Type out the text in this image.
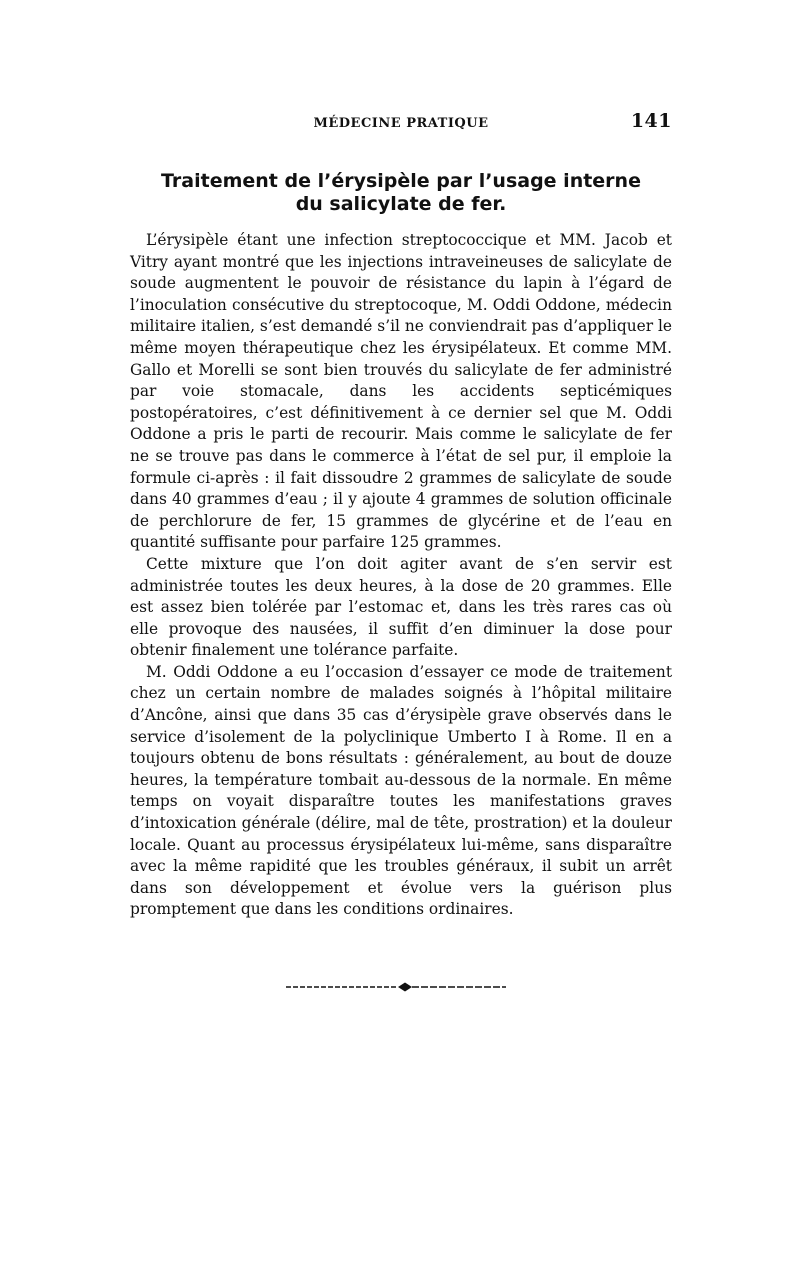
MÉDECINE PRATIQUE	141
Traitement de l’érysipèle par l’usage interne
du salicylate de fer.

L’érysipèle étant une infection streptococcique et MM. Jacob et Vitry ayant montré que les injections intraveineuses de salicylate de soude augmentent le pouvoir de résistance du lapin à l’égard de l’inoculation consécutive du streptocoque, M. Oddi Oddone, médecin militaire italien, s’est demandé s’il ne conviendrait pas d’appliquer le même moyen thérapeutique chez les érysipélateux. Et comme MM. Gallo et Morelli se sont bien trouvés du salicylate de fer administré par voie stomacale, dans les accidents septicémiques postopératoires, c’est définitivement à ce dernier sel que M. Oddi Oddone a pris le parti de recourir. Mais comme le salicylate de fer ne se trouve pas dans le commerce à l’état de sel pur, il emploie la formule ci-après : il fait dissoudre 2 grammes de salicylate de soude dans 40 grammes d’eau ; il y ajoute 4 grammes de solution officinale de perchlorure de fer, 15 grammes de glycérine et de l’eau en quantité suffisante pour parfaire 125 grammes.

Cette mixture que l’on doit agiter avant de s’en servir est administrée toutes les deux heures, à la dose de 20 grammes. Elle est assez bien tolérée par l’estomac et, dans les très rares cas où elle provoque des nausées, il suffit d’en diminuer la dose pour obtenir finalement une tolérance parfaite.

M. Oddi Oddone a eu l’occasion d’essayer ce mode de traitement chez un certain nombre de malades soignés à l’hôpital militaire d’Ancône, ainsi que dans 35 cas d’érysipèle grave observés dans le service d’isolement de la polyclinique Umberto I à Rome. Il en a toujours obtenu de bons résultats : généralement, au bout de douze heures, la température tombait au-dessous de la normale. En même temps on voyait disparaître toutes les manifestations graves d’intoxication générale (délire, mal de tête, prostration) et la douleur locale. Quant au processus érysipélateux lui-même, sans disparaître avec la même rapidité que les troubles généraux, il subit un arrêt dans son développement et évolue vers la guérison plus promptement que dans les conditions ordinaires.
